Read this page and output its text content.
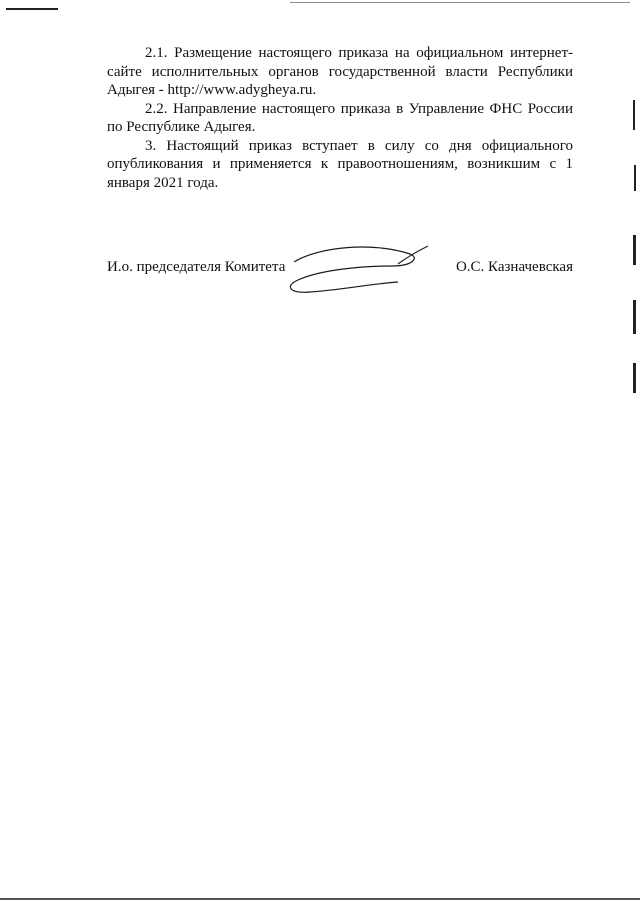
2.1. Размещение настоящего приказа на официальном интернет-сайте исполнительных органов государственной власти Республики Адыгея - http://www.adygheya.ru.

2.2. Направление настоящего приказа в Управление ФНС России по Республике Адыгея.

3. Настоящий приказ вступает в силу со дня официального опубликования и применяется к правоотношениям, возникшим с 1 января 2021 года.

И.о. председателя Комитета	О.С. Казначевская
